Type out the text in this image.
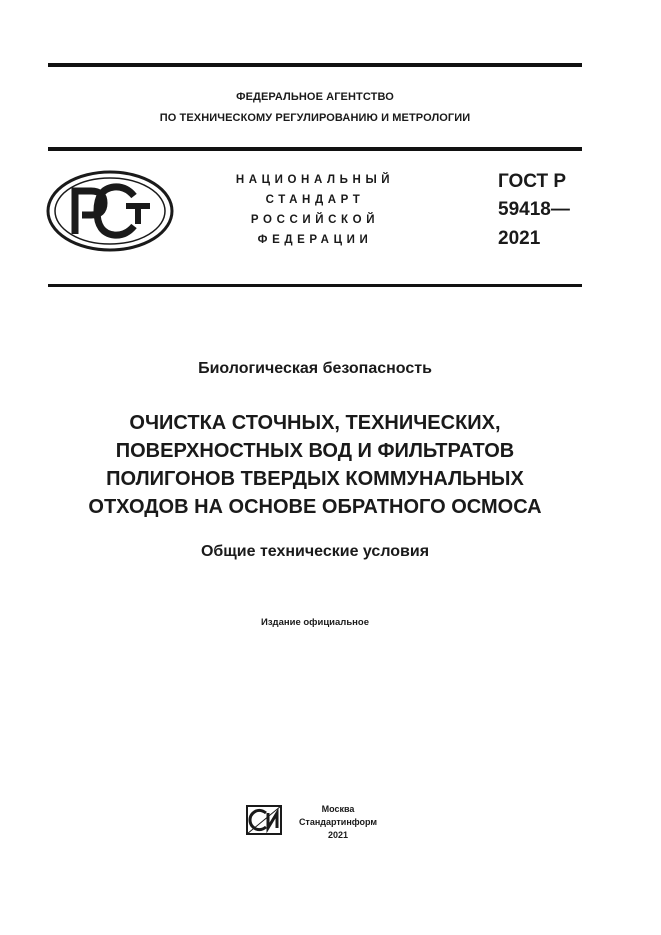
ФЕДЕРАЛЬНОЕ АГЕНТСТВО
ПО ТЕХНИЧЕСКОМУ РЕГУЛИРОВАНИЮ И МЕТРОЛОГИИ
НАЦИОНАЛЬНЫЙ
СТАНДАРТ
РОССИЙСКОЙ
ФЕДЕРАЦИИ
ГОСТ Р
59418—
2021
Биологическая безопасность
ОЧИСТКА СТОЧНЫХ, ТЕХНИЧЕСКИХ,
ПОВЕРХНОСТНЫХ ВОД И ФИЛЬТРАТОВ
ПОЛИГОНОВ ТВЕРДЫХ КОММУНАЛЬНЫХ
ОТХОДОВ НА ОСНОВЕ ОБРАТНОГО ОСМОСА
Общие технические условия
Издание официальное
Москва
Стандартинформ
2021
